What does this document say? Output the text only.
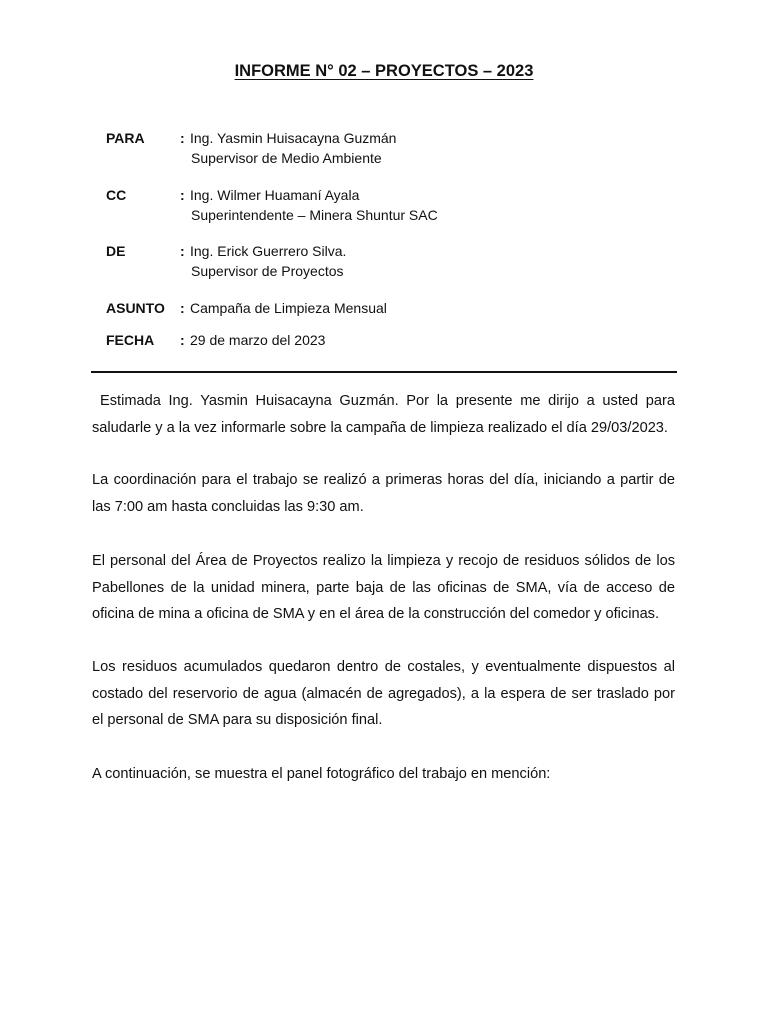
INFORME N° 02 – PROYECTOS – 2023
PARA	: Ing. Yasmin Huisacayna Guzmán
Supervisor de Medio Ambiente
CC	: Ing. Wilmer Huamaní Ayala
Superintendente – Minera Shuntur SAC
DE	: Ing. Erick Guerrero Silva.
Supervisor de Proyectos
ASUNTO	: Campaña de Limpieza Mensual
FECHA	: 29 de marzo del 2023

Estimada Ing. Yasmin Huisacayna Guzmán. Por la presente me dirijo a usted para saludarle y a la vez informarle sobre la campaña de limpieza realizado el día 29/03/2023.

La coordinación para el trabajo se realizó a primeras horas del día, iniciando a partir de las 7:00 am hasta concluidas las 9:30 am.

El personal del Área de Proyectos realizo la limpieza y recojo de residuos sólidos de los Pabellones de la unidad minera, parte baja de las oficinas de SMA, vía de acceso de oficina de mina a oficina de SMA y en el área de la construcción del comedor y oficinas.

Los residuos acumulados quedaron dentro de costales, y eventualmente dispuestos al costado del reservorio de agua (almacén de agregados), a la espera de ser traslado por el personal de SMA para su disposición final.

A continuación, se muestra el panel fotográfico del trabajo en mención:
